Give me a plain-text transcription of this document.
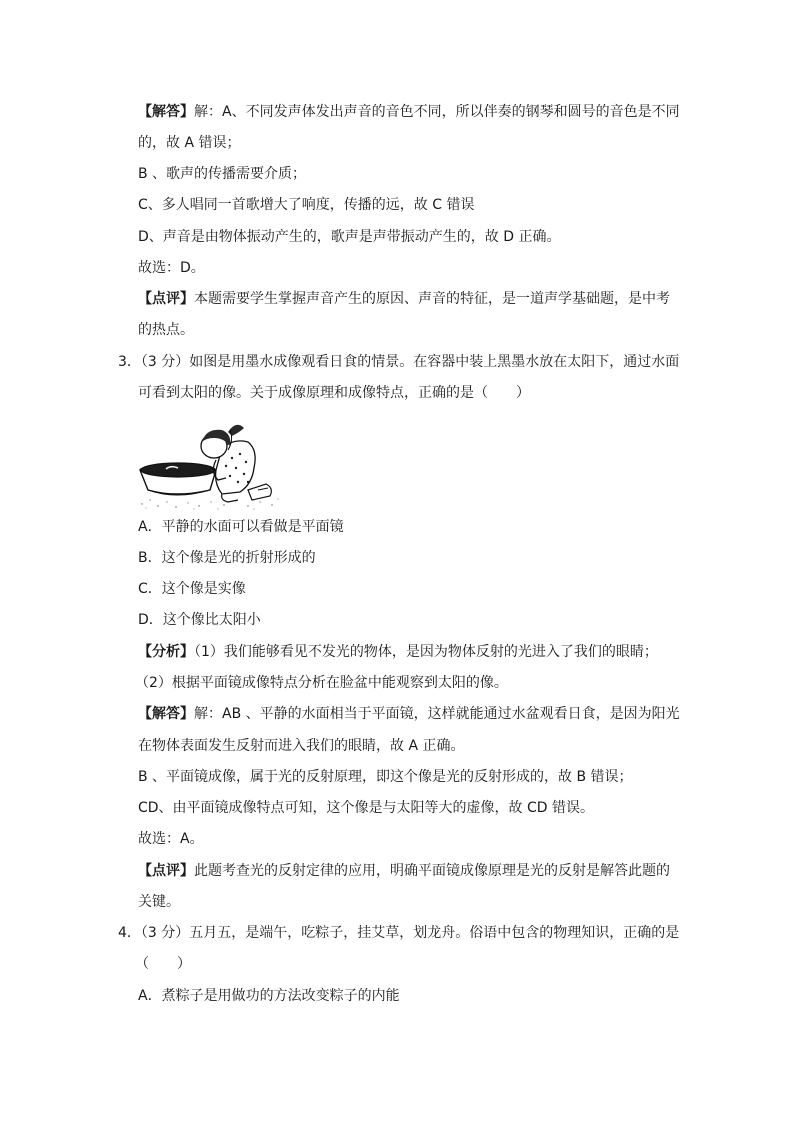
【解答】解：A、不同发声体发出声音的音色不同，所以伴奏的钢琴和圆号的音色是不同
的，故 A 错误；
B 、歌声的传播需要介质；
C、多人唱同一首歌增大了响度，传播的远，故 C 错误
D、声音是由物体振动产生的，歌声是声带振动产生的，故 D 正确。
故选：D。
【点评】本题需要学生掌握声音产生的原因、声音的特征，是一道声学基础题，是中考
的热点。
3．（3 分）如图是用墨水成像观看日食的情景。在容器中装上黑墨水放在太阳下，通过水面
可看到太阳的像。关于成像原理和成像特点，正确的是（　　）
A．平静的水面可以看做是平面镜
B．这个像是光的折射形成的
C．这个像是实像
D．这个像比太阳小
【分析】（1）我们能够看见不发光的物体，是因为物体反射的光进入了我们的眼睛；
（2）根据平面镜成像特点分析在脸盆中能观察到太阳的像。
【解答】解：AB 、平静的水面相当于平面镜，这样就能通过水盆观看日食，是因为阳光
在物体表面发生反射而进入我们的眼睛，故 A 正确。
B 、平面镜成像，属于光的反射原理，即这个像是光的反射形成的，故 B 错误；
CD、由平面镜成像特点可知，这个像是与太阳等大的虚像，故 CD 错误。
故选：A。
【点评】此题考查光的反射定律的应用，明确平面镜成像原理是光的反射是解答此题的
关键。
4．（3 分）五月五，是端午，吃粽子，挂艾草，划龙舟。俗语中包含的物理知识，正确的是
（　　）
A．煮粽子是用做功的方法改变粽子的内能
